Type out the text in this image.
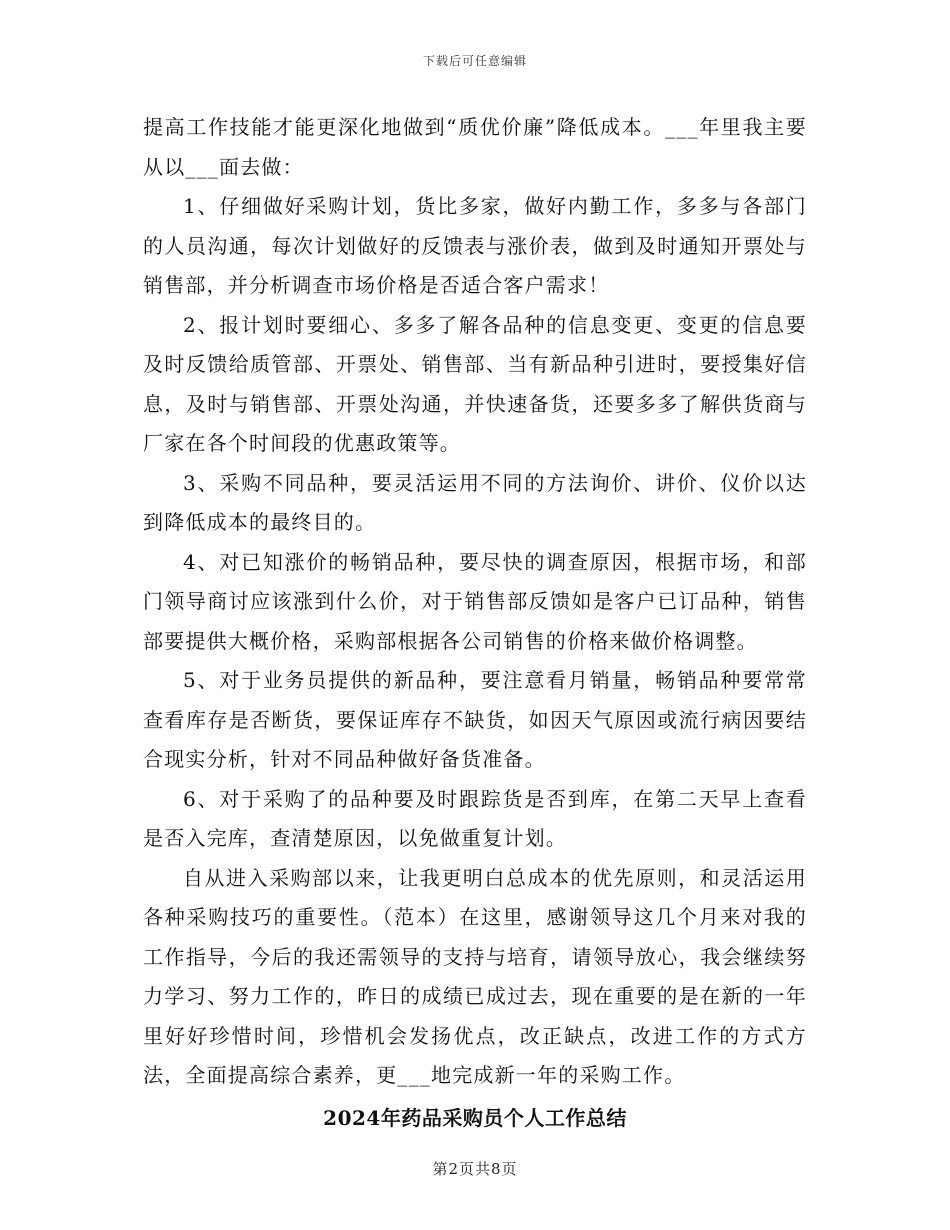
下载后可任意编辑

提高工作技能才能更深化地做到“质优价廉”降低成本。___年里我主要从以___面去做：

1、仔细做好采购计划，货比多家，做好内勤工作，多多与各部门的人员沟通，每次计划做好的反馈表与涨价表，做到及时通知开票处与销售部，并分析调查市场价格是否适合客户需求！

2、报计划时要细心、多多了解各品种的信息变更、变更的信息要及时反馈给质管部、开票处、销售部、当有新品种引进时，要授集好信息，及时与销售部、开票处沟通，并快速备货，还要多多了解供货商与厂家在各个时间段的优惠政策等。

3、采购不同品种，要灵活运用不同的方法询价、讲价、仪价以达到降低成本的最终目的。

4、对已知涨价的畅销品种，要尽快的调查原因，根据市场，和部门领导商讨应该涨到什么价，对于销售部反馈如是客户已订品种，销售部要提供大概价格，采购部根据各公司销售的价格来做价格调整。

5、对于业务员提供的新品种，要注意看月销量，畅销品种要常常查看库存是否断货，要保证库存不缺货，如因天气原因或流行病因要结合现实分析，针对不同品种做好备货准备。

6、对于采购了的品种要及时跟踪货是否到库，在第二天早上查看是否入完库，查清楚原因，以免做重复计划。

自从进入采购部以来，让我更明白总成本的优先原则，和灵活运用各种采购技巧的重要性。（范本）在这里，感谢领导这几个月来对我的工作指导，今后的我还需领导的支持与培育，请领导放心，我会继续努力学习、努力工作的，昨日的成绩已成过去，现在重要的是在新的一年里好好珍惜时间，珍惜机会发扬优点，改正缺点，改进工作的方式方法，全面提高综合素养，更___地完成新一年的采购工作。

2024年药品采购员个人工作总结
第2页共8页
